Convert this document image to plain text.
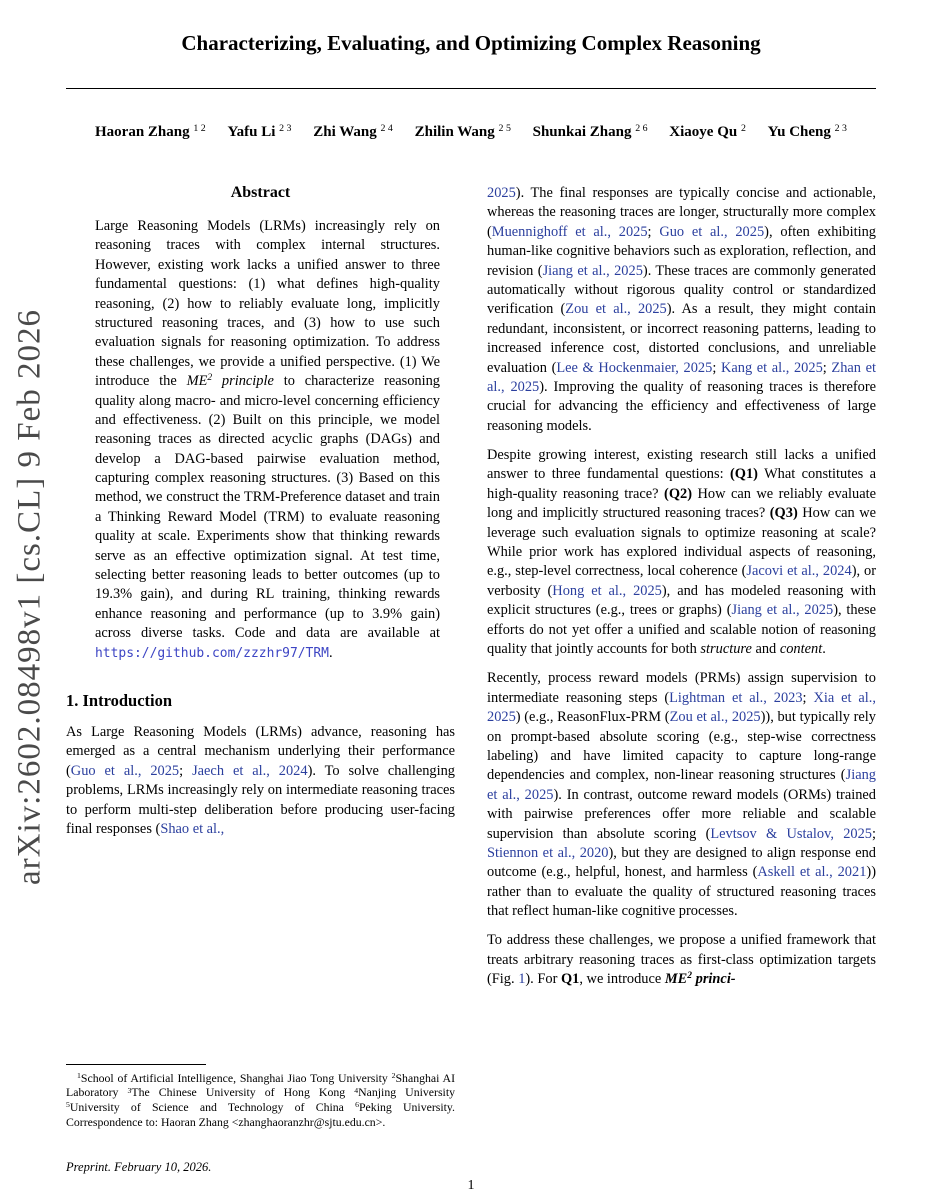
arXiv:2602.08498v1 [cs.CL] 9 Feb 2026
Characterizing, Evaluating, and Optimizing Complex Reasoning
Haoran Zhang $^{1 2}$ Yafu Li $^{2 3}$ Zhi Wang $^{2 4}$ Zhilin Wang $^{2 5}$ Shunkai Zhang $^{2 6}$ Xiaoye Qu $^2$ Yu Cheng $^{2 3}$
Abstract
Large Reasoning Models (LRMs) increasingly rely on reasoning traces with complex internal structures. However, existing work lacks a unified answer to three fundamental questions: (1) what defines high-quality reasoning, (2) how to reliably evaluate long, implicitly structured reasoning traces, and (3) how to use such evaluation signals for reasoning optimization. To address these challenges, we provide a unified perspective. (1) We introduce the $ME^2$ principle to characterize reasoning quality along macro- and micro-level concerning efficiency and effectiveness. (2) Built on this principle, we model reasoning traces as directed acyclic graphs (DAGs) and develop a DAG-based pairwise evaluation method, capturing complex reasoning structures. (3) Based on this method, we construct the TRM-Preference dataset and train a Thinking Reward Model (TRM) to evaluate reasoning quality at scale. Experiments show that thinking rewards serve as an effective optimization signal. At test time, selecting better reasoning leads to better outcomes (up to 19.3% gain), and during RL training, thinking rewards enhance reasoning and performance (up to 3.9% gain) across diverse tasks. Code and data are available at https://github.com/zzzhr97/TRM.
1. Introduction

As Large Reasoning Models (LRMs) advance, reasoning has emerged as a central mechanism underlying their performance (Guo et al., 2025; Jaech et al., 2024). To solve challenging problems, LRMs increasingly rely on intermediate reasoning traces to perform multi-step deliberation before producing user-facing final responses (Shao et al.,

$^1$School of Artificial Intelligence, Shanghai Jiao Tong University $^2$Shanghai AI Laboratory $^3$The Chinese University of Hong Kong $^4$Nanjing University $^5$University of Science and Technology of China $^6$Peking University. Correspondence to: Haoran Zhang <zhanghaoranzhr@sjtu.edu.cn>.
Preprint. February 10, 2026.

2025). The final responses are typically concise and actionable, whereas the reasoning traces are longer, structurally more complex (Muennighoff et al., 2025; Guo et al., 2025), often exhibiting human-like cognitive behaviors such as exploration, reflection, and revision (Jiang et al., 2025). These traces are commonly generated automatically without rigorous quality control or standardized verification (Zou et al., 2025). As a result, they might contain redundant, inconsistent, or incorrect reasoning patterns, leading to increased inference cost, distorted conclusions, and unreliable evaluation (Lee & Hockenmaier, 2025; Kang et al., 2025; Zhan et al., 2025). Improving the quality of reasoning traces is therefore crucial for advancing the efficiency and effectiveness of large reasoning models.

Despite growing interest, existing research still lacks a unified answer to three fundamental questions: (Q1) What constitutes a high-quality reasoning trace? (Q2) How can we reliably evaluate long and implicitly structured reasoning traces? (Q3) How can we leverage such evaluation signals to optimize reasoning at scale? While prior work has explored individual aspects of reasoning, e.g., step-level correctness, local coherence (Jacovi et al., 2024), or verbosity (Hong et al., 2025), and has modeled reasoning with explicit structures (e.g., trees or graphs) (Jiang et al., 2025), these efforts do not yet offer a unified and scalable notion of reasoning quality that jointly accounts for both structure and content.

Recently, process reward models (PRMs) assign supervision to intermediate reasoning steps (Lightman et al., 2023; Xia et al., 2025) (e.g., ReasonFlux-PRM (Zou et al., 2025)), but typically rely on prompt-based absolute scoring (e.g., step-wise correctness labeling) and have limited capacity to capture long-range dependencies and complex, non-linear reasoning structures (Jiang et al., 2025). In contrast, outcome reward models (ORMs) trained with pairwise preferences offer more reliable and scalable supervision than absolute scoring (Levtsov & Ustalov, 2025; Stiennon et al., 2020), but they are designed to align response end outcome (e.g., helpful, honest, and harmless (Askell et al., 2021)) rather than to evaluate the quality of structured reasoning traces that reflect human-like cognitive processes.

To address these challenges, we propose a unified framework that treats arbitrary reasoning traces as first-class optimization targets (Fig. 1). For Q1, we introduce $ME^2$ princi-

1
